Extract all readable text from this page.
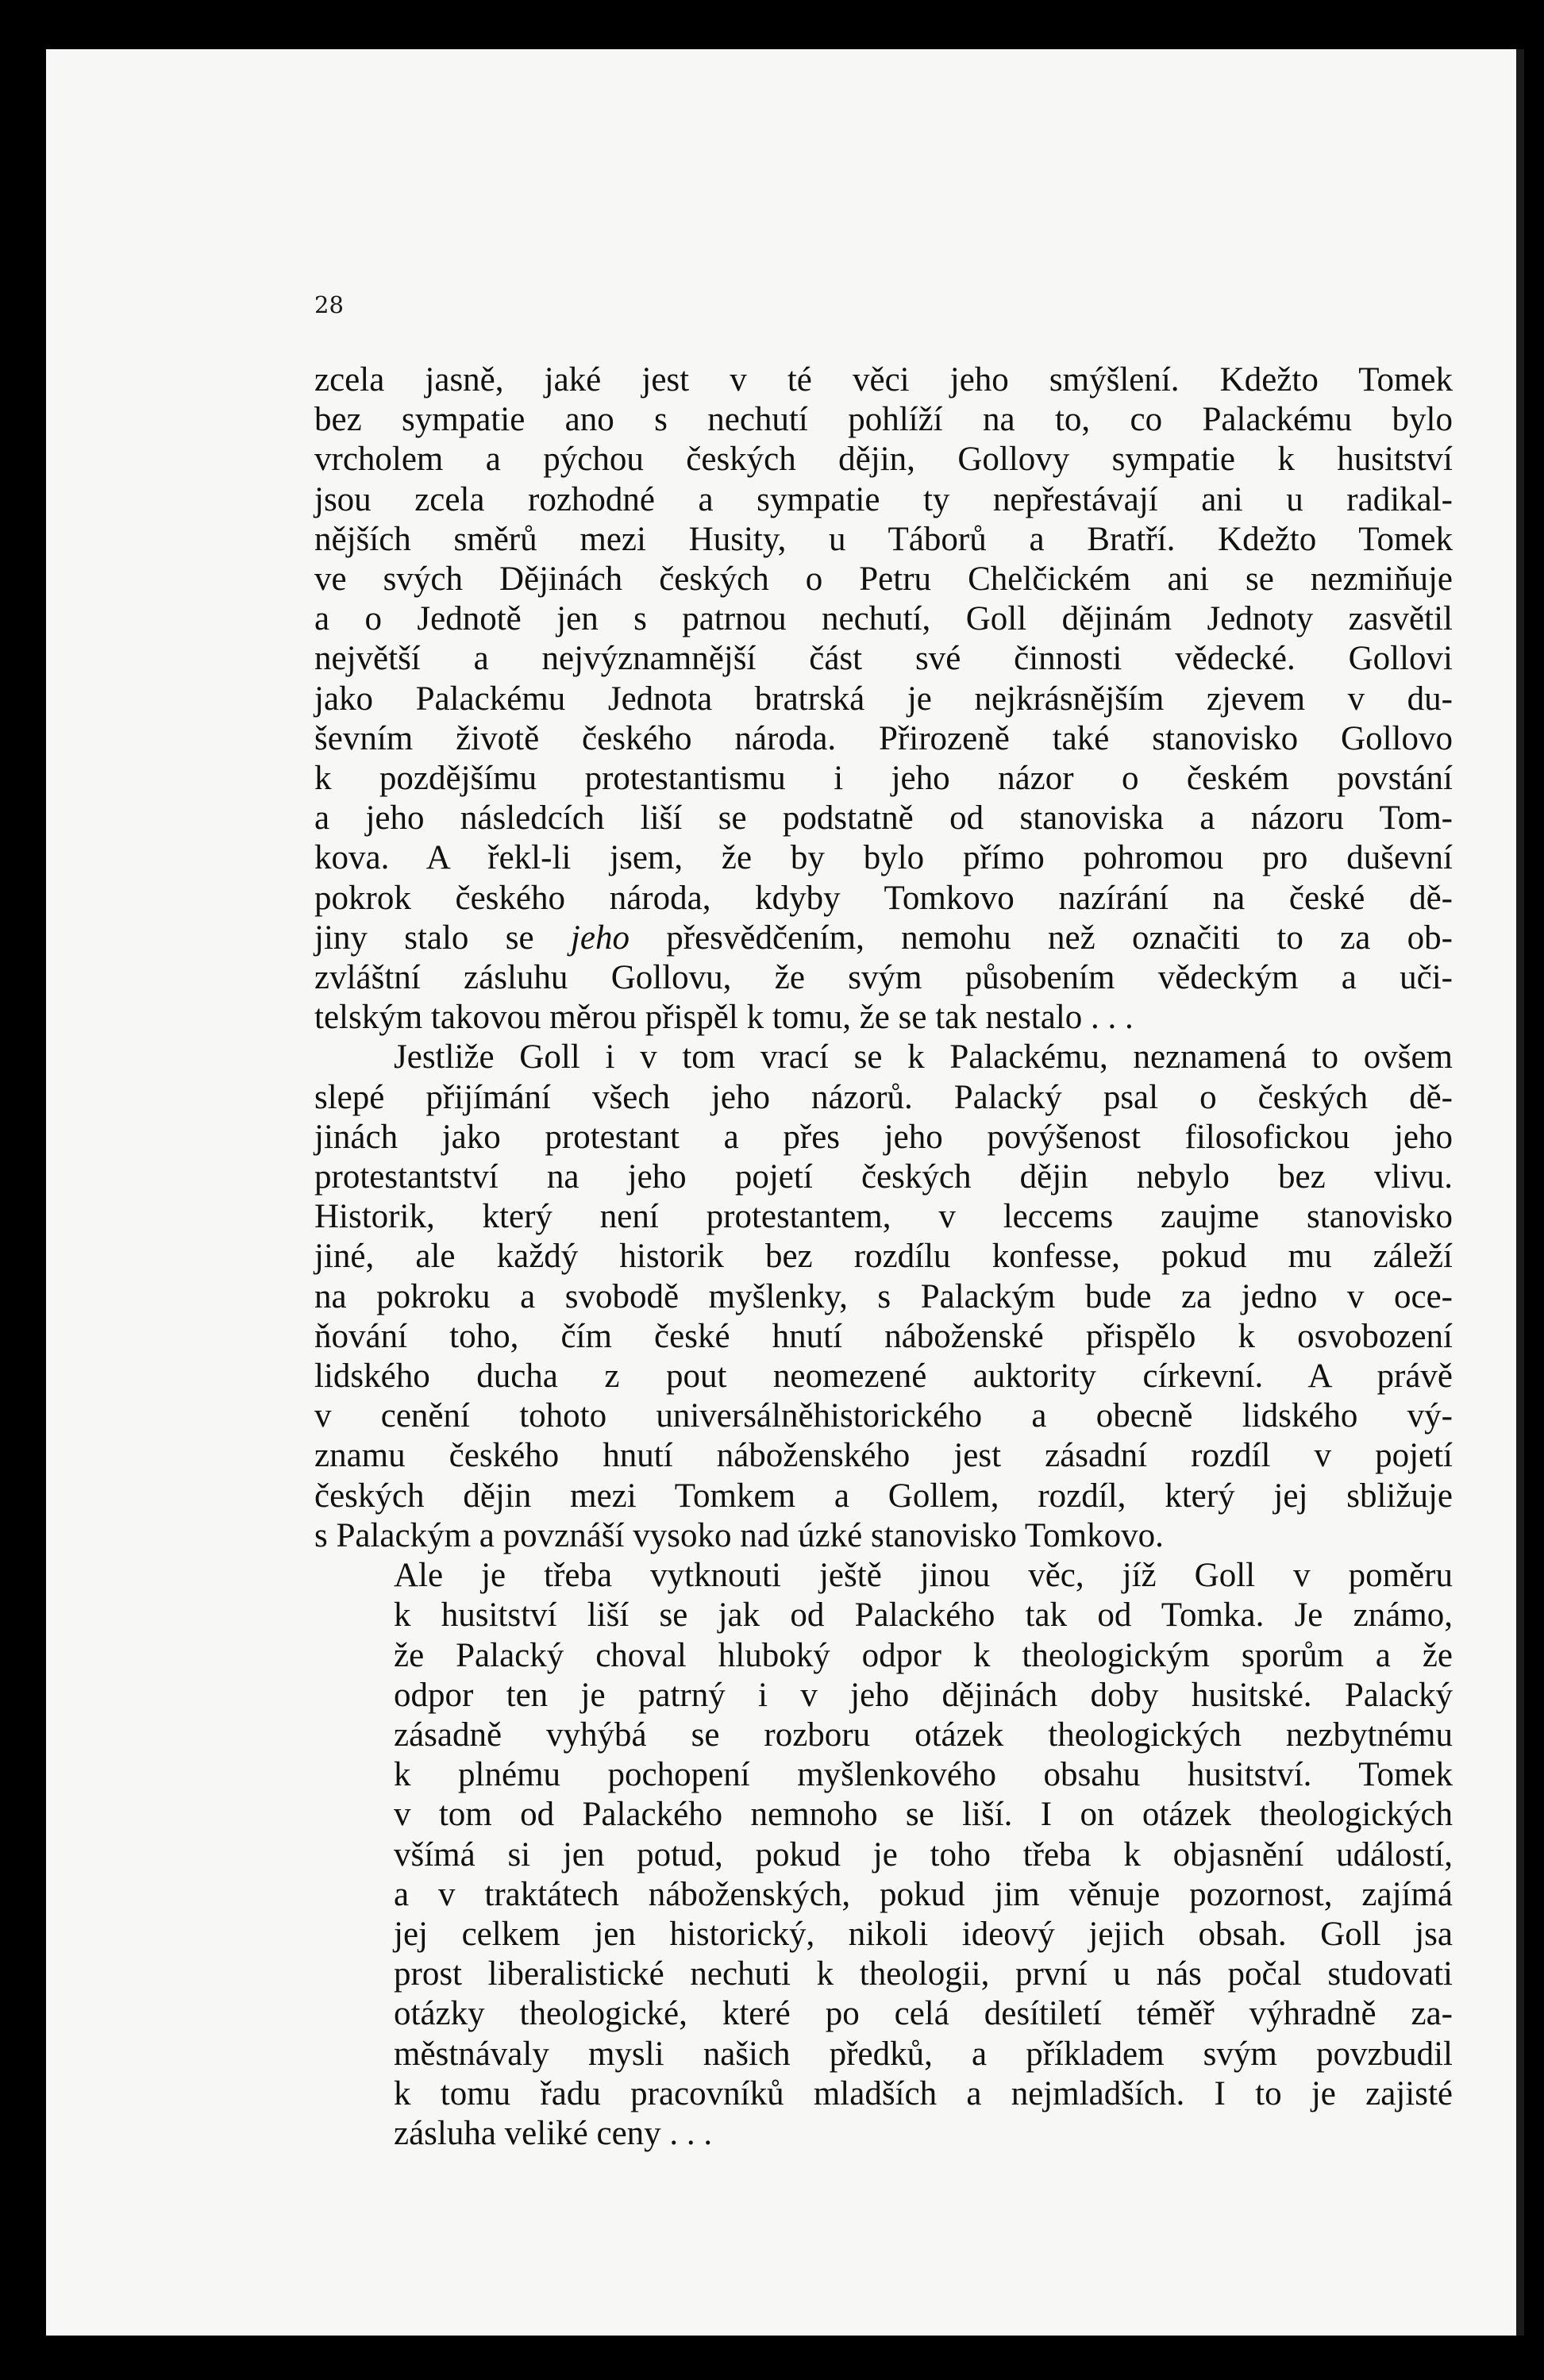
28

zcela jasně, jaké jest v té věci jeho smýšlení. Kdežto Tomek
bez sympatie ano s nechutí pohlíží na to, co Palackému bylo
vrcholem a pýchou českých dějin, Gollovy sympatie k husitství
jsou zcela rozhodné a sympatie ty nepřestávají ani u radikal-
nějších směrů mezi Husity, u Táborů a Bratří. Kdežto Tomek
ve svých Dějinách českých o Petru Chelčickém ani se nezmiňuje
a o Jednotě jen s patrnou nechutí, Goll dějinám Jednoty zasvětil
největší a nejvýznamnější část své činnosti vědecké. Gollovi
jako Palackému Jednota bratrská je nejkrásnějším zjevem v du-
ševním životě českého národa. Přirozeně také stanovisko Gollovo
k pozdějšímu protestantismu i jeho názor o českém povstání
a jeho následcích liší se podstatně od stanoviska a názoru Tom-
kova. A řekl-li jsem, že by bylo přímo pohromou pro duševní
pokrok českého národa, kdyby Tomkovo nazírání na české dě-
jiny stalo se jeho přesvědčením, nemohu než označiti to za ob-
zvláštní zásluhu Gollovu, že svým působením vědeckým a uči-
telským takovou měrou přispěl k tomu, že se tak nestalo . . .
Jestliže Goll i v tom vrací se k Palackému, neznamená to ovšem
slepé přijímání všech jeho názorů. Palacký psal o českých dě-
jinách jako protestant a přes jeho povýšenost filosofickou jeho
protestantství na jeho pojetí českých dějin nebylo bez vlivu.
Historik, který není protestantem, v leccems zaujme stanovisko
jiné, ale každý historik bez rozdílu konfesse, pokud mu záleží
na pokroku a svobodě myšlenky, s Palackým bude za jedno v oce-
ňování toho, čím české hnutí náboženské přispělo k osvobození
lidského ducha z pout neomezené auktority církevní. A právě
v cenění tohoto universálněhistorického a obecně lidského vý-
znamu českého hnutí náboženského jest zásadní rozdíl v pojetí
českých dějin mezi Tomkem a Gollem, rozdíl, který jej sbližuje
s Palackým a povznáší vysoko nad úzké stanovisko Tomkovo.
Ale je třeba vytknouti ještě jinou věc, jíž Goll v poměru
k husitství liší se jak od Palackého tak od Tomka. Je známo,
že Palacký choval hluboký odpor k theologickým sporům a že
odpor ten je patrný i v jeho dějinách doby husitské. Palacký
zásadně vyhýbá se rozboru otázek theologických nezbytnému
k plnému pochopení myšlenkového obsahu husitství. Tomek
v tom od Palackého nemnoho se liší. I on otázek theologických
všímá si jen potud, pokud je toho třeba k objasnění událostí,
a v traktátech náboženských, pokud jim věnuje pozornost, zajímá
jej celkem jen historický, nikoli ideový jejich obsah. Goll jsa
prost liberalistické nechuti k theologii, první u nás počal studovati
otázky theologické, které po celá desítiletí téměř výhradně za-
městnávaly mysli našich předků, a příkladem svým povzbudil
k tomu řadu pracovníků mladších a nejmladších. I to je zajisté
zásluha veliké ceny . . .
